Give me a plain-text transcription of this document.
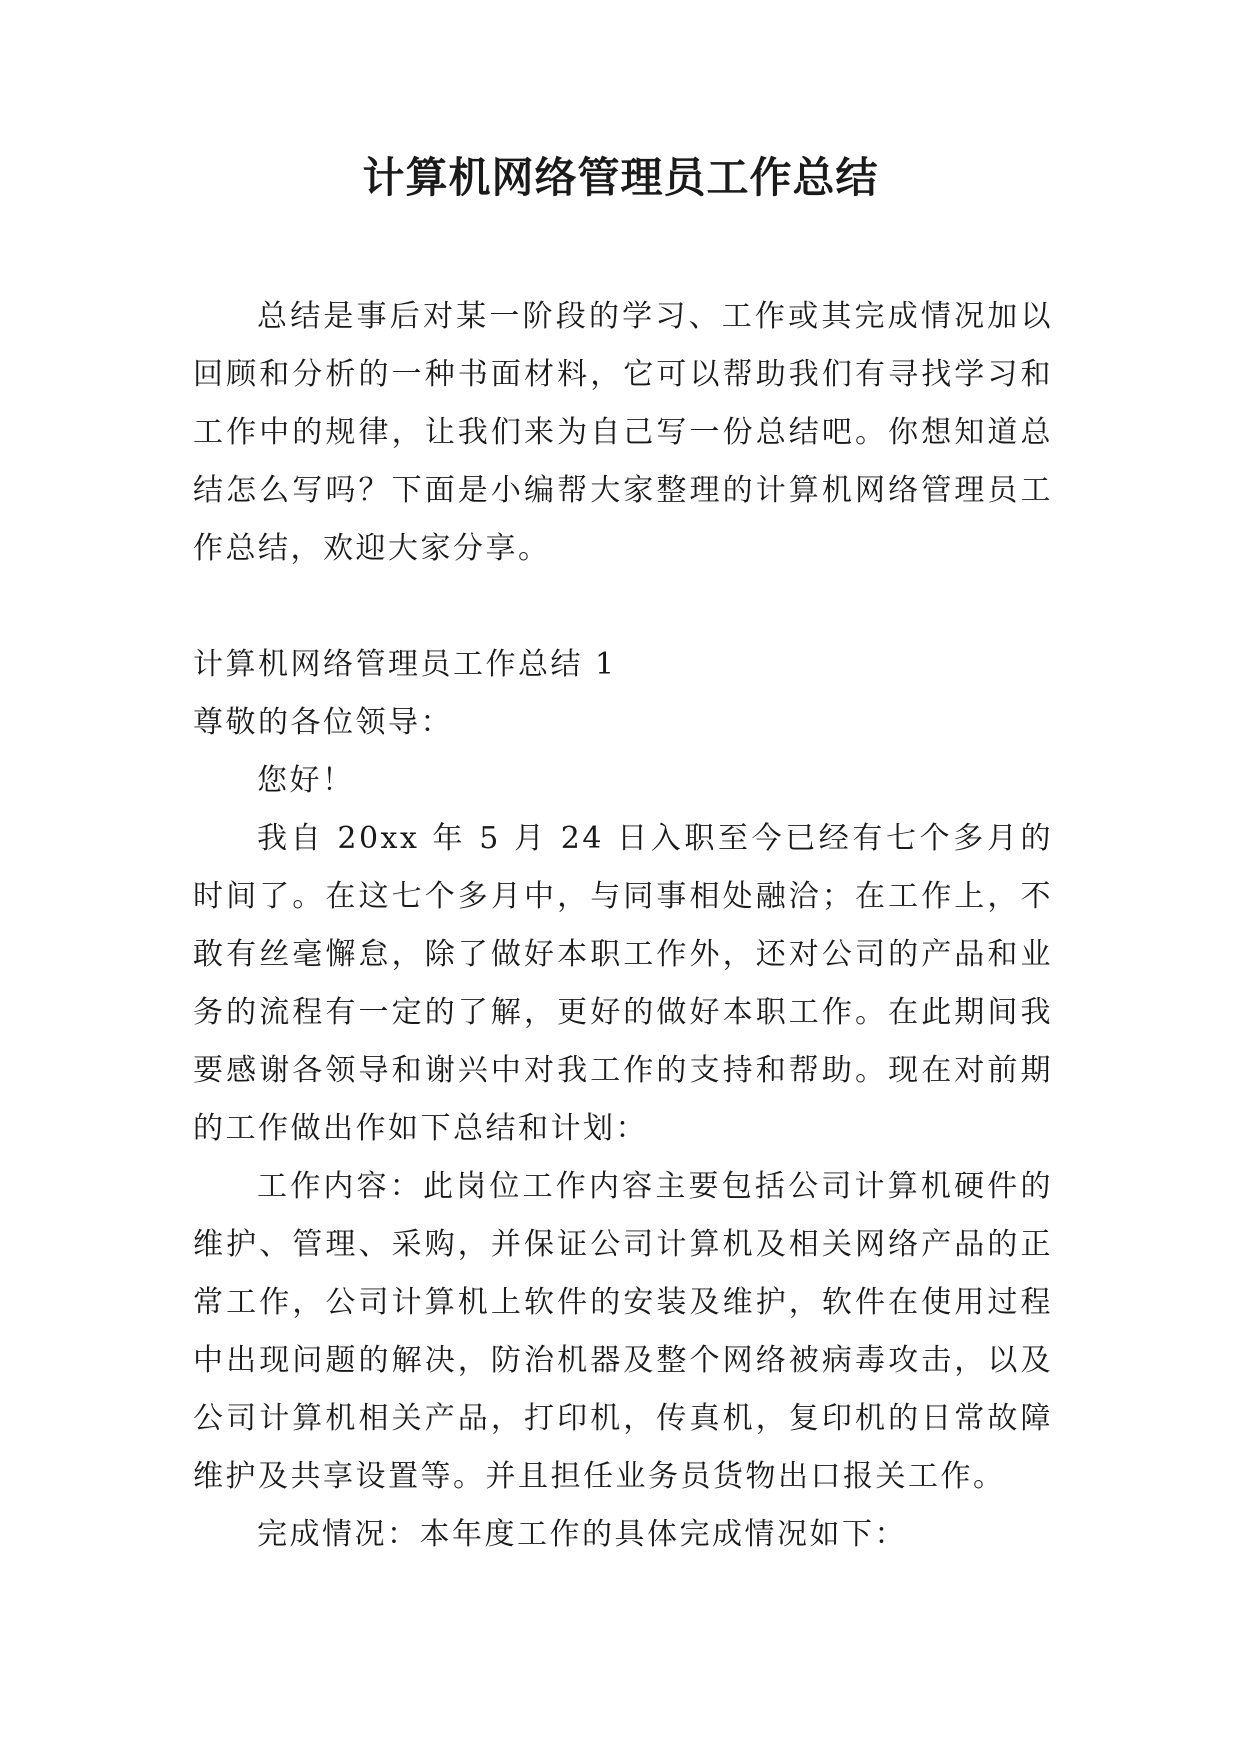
计算机网络管理员工作总结

总结是事后对某一阶段的学习、工作或其完成情况加以回顾和分析的一种书面材料，它可以帮助我们有寻找学习和工作中的规律，让我们来为自己写一份总结吧。你想知道总结怎么写吗？下面是小编帮大家整理的计算机网络管理员工作总结，欢迎大家分享。

计算机网络管理员工作总结 1

尊敬的各位领导：

您好！

我自 20xx 年 5 月 24 日入职至今已经有七个多月的时间了。在这七个多月中，与同事相处融洽；在工作上，不敢有丝毫懈怠，除了做好本职工作外，还对公司的产品和业务的流程有一定的了解，更好的做好本职工作。在此期间我要感谢各领导和谢兴中对我工作的支持和帮助。现在对前期的工作做出作如下总结和计划：

工作内容：此岗位工作内容主要包括公司计算机硬件的维护、管理、采购，并保证公司计算机及相关网络产品的正常工作，公司计算机上软件的安装及维护，软件在使用过程中出现问题的解决，防治机器及整个网络被病毒攻击，以及公司计算机相关产品，打印机，传真机，复印机的日常故障维护及共享设置等。并且担任业务员货物出口报关工作。

完成情况：本年度工作的具体完成情况如下：
